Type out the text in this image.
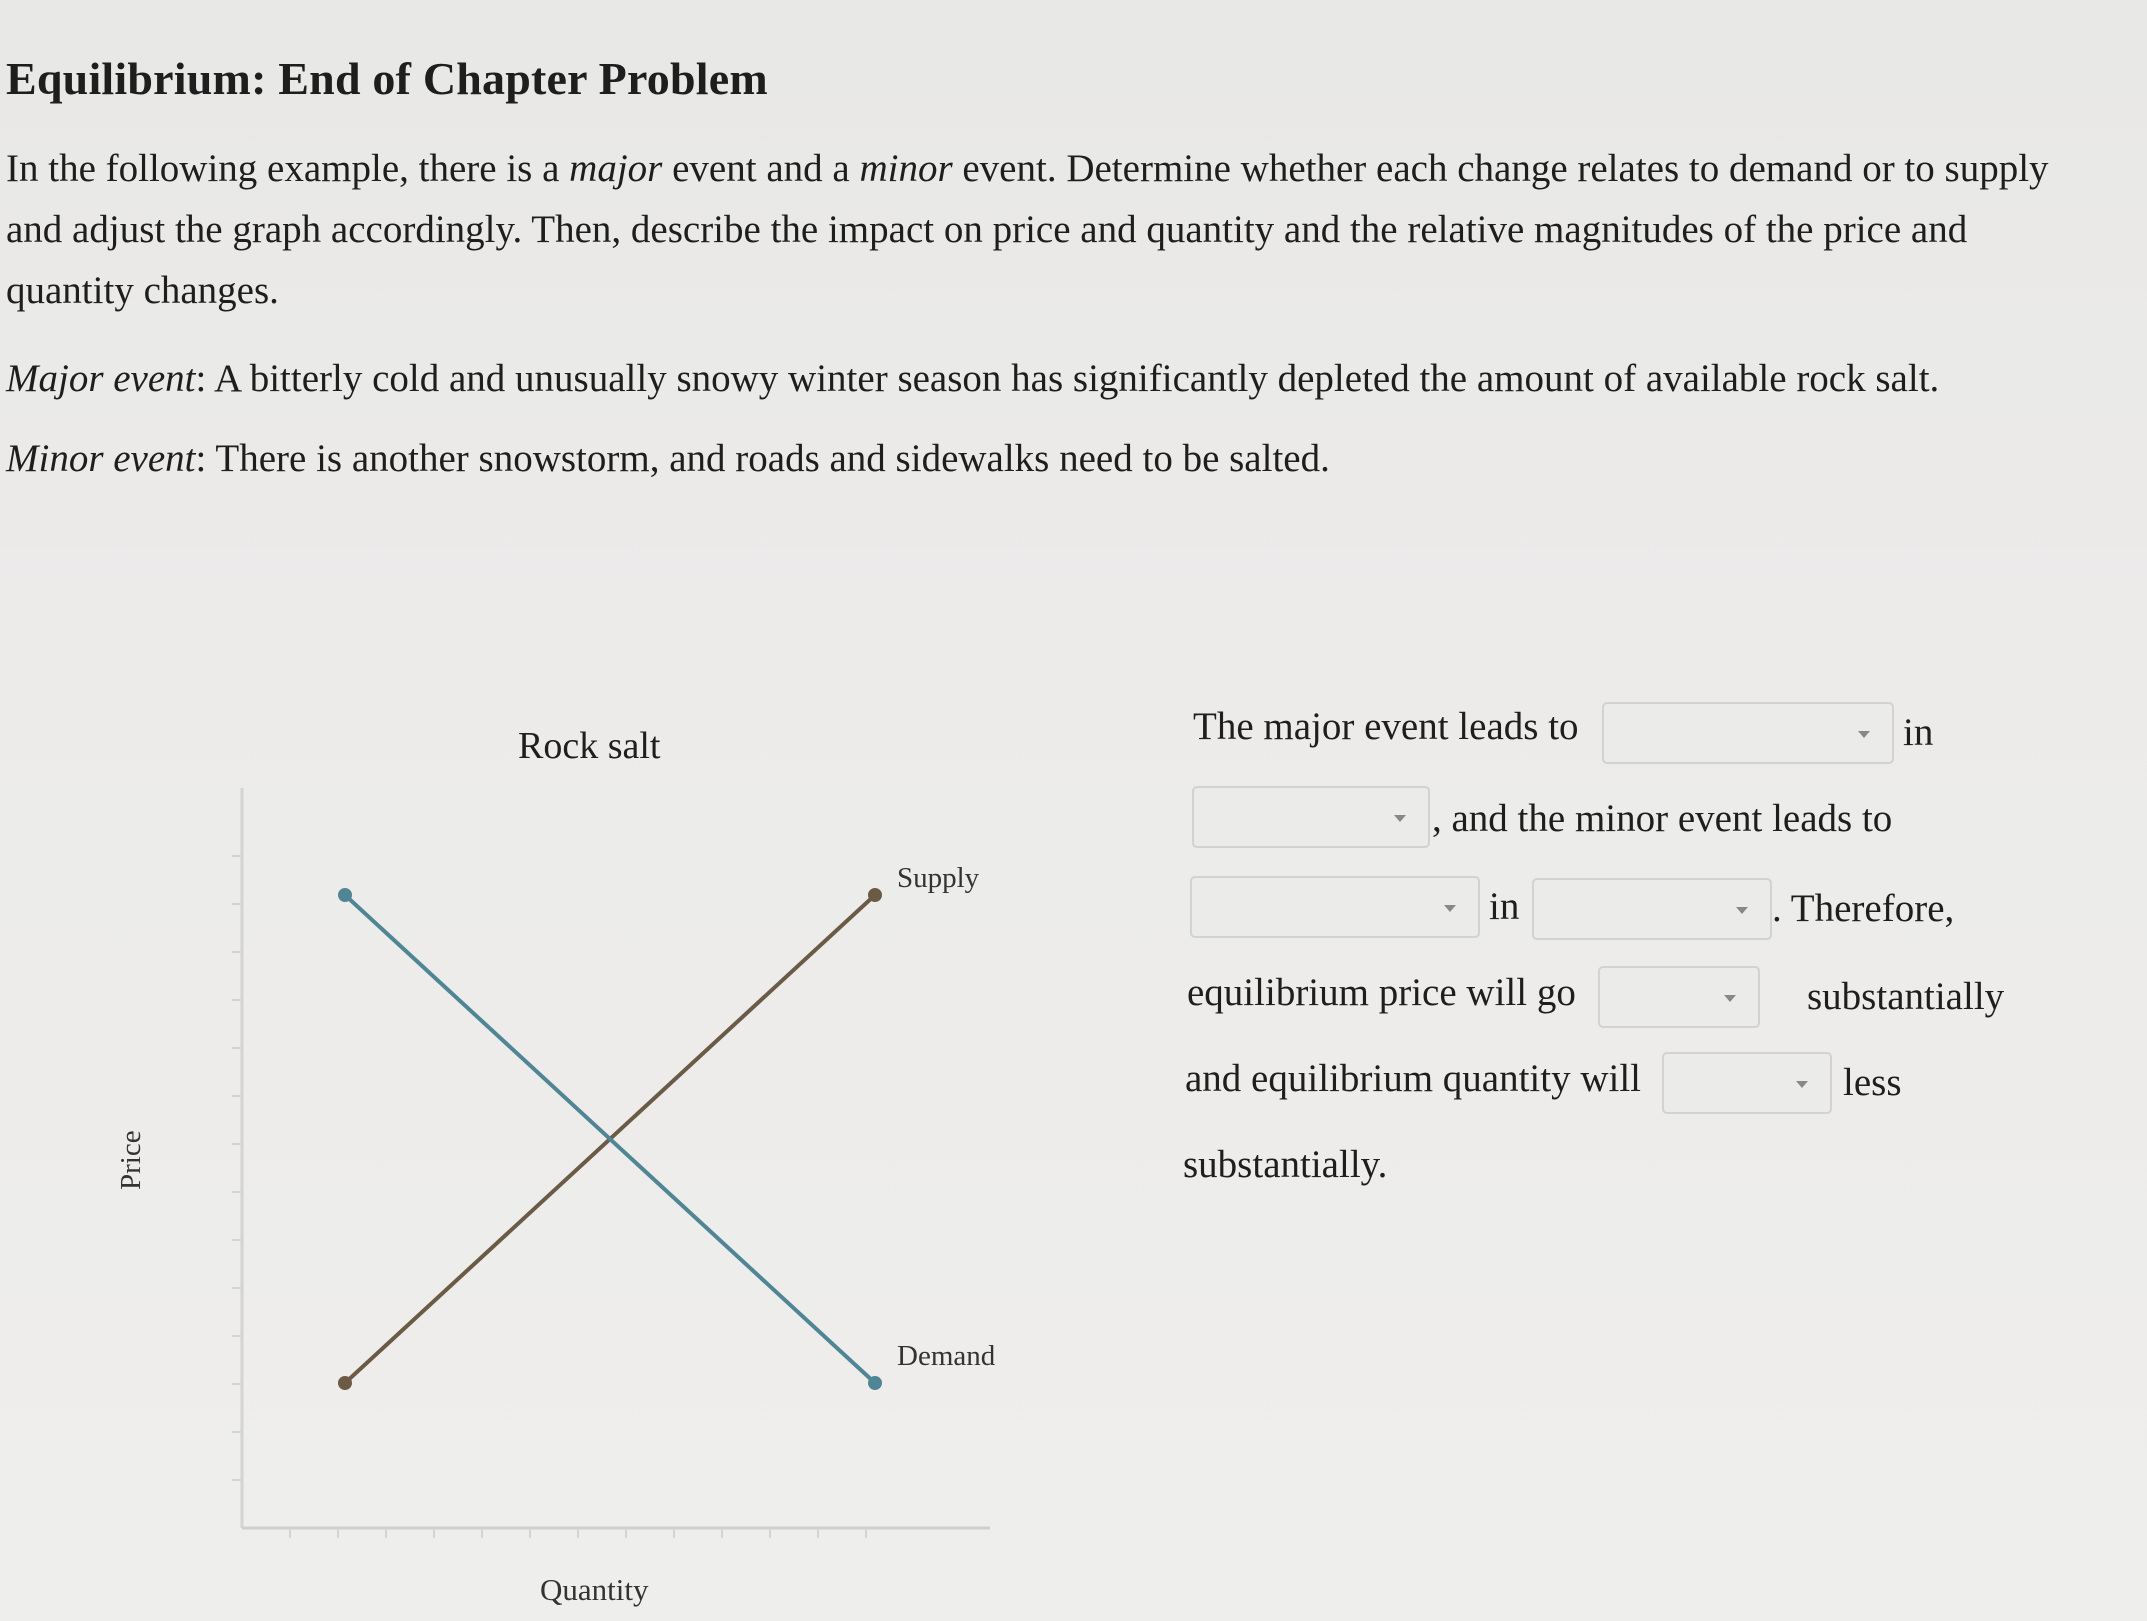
Equilibrium: End of Chapter Problem

In the following example, there is a major event and a minor event. Determine whether each change relates to demand or to supply and adjust the graph accordingly. Then, describe the impact on price and quantity and the relative magnitudes of the price and quantity changes.

Major event: A bitterly cold and unusually snowy winter season has significantly depleted the amount of available rock salt.

Minor event: There is another snowstorm, and roads and sidewalks need to be salted.

Rock salt
Supply
Demand
Price
Quantity
The major event leads to	in
, and the minor event leads to
in	. Therefore,
equilibrium price will go	substantially
and equilibrium quantity will	less
substantially.
